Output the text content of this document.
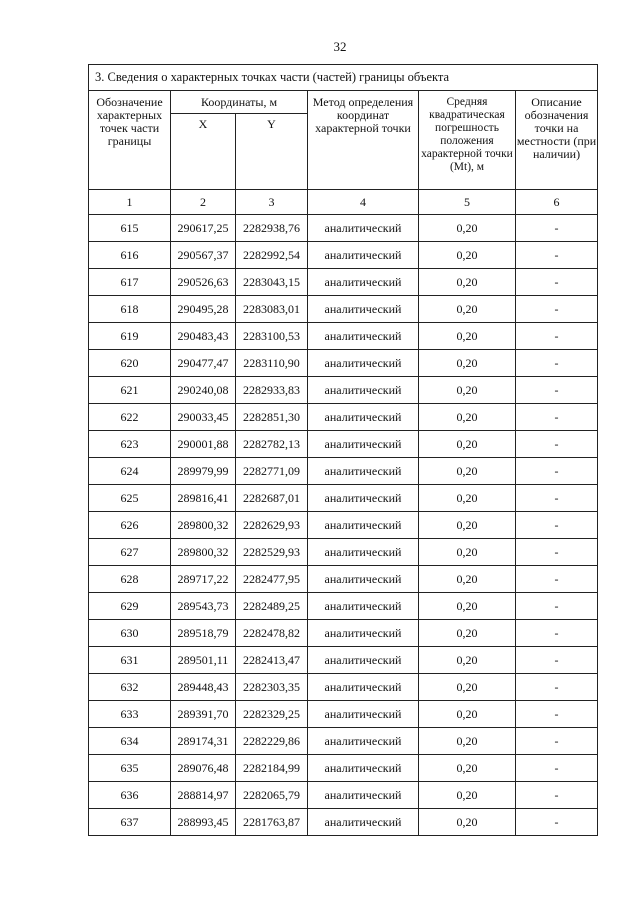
32
3. Сведения о характерных точках части (частей) границы объекта					
Обозначение характерных точек части границы	Координаты, м		Метод определения координат характерной точки	Средняя квадратическая погрешность положения характерной точки (Mt), м	Описание обозначения точки на местности (при наличии)
	X	Y			
1	2	3	4	5	6
615	290617,25	2282938,76	аналитический	0,20	-
616	290567,37	2282992,54	аналитический	0,20	-
617	290526,63	2283043,15	аналитический	0,20	-
618	290495,28	2283083,01	аналитический	0,20	-
619	290483,43	2283100,53	аналитический	0,20	-
620	290477,47	2283110,90	аналитический	0,20	-
621	290240,08	2282933,83	аналитический	0,20	-
622	290033,45	2282851,30	аналитический	0,20	-
623	290001,88	2282782,13	аналитический	0,20	-
624	289979,99	2282771,09	аналитический	0,20	-
625	289816,41	2282687,01	аналитический	0,20	-
626	289800,32	2282629,93	аналитический	0,20	-
627	289800,32	2282529,93	аналитический	0,20	-
628	289717,22	2282477,95	аналитический	0,20	-
629	289543,73	2282489,25	аналитический	0,20	-
630	289518,79	2282478,82	аналитический	0,20	-
631	289501,11	2282413,47	аналитический	0,20	-
632	289448,43	2282303,35	аналитический	0,20	-
633	289391,70	2282329,25	аналитический	0,20	-
634	289174,31	2282229,86	аналитический	0,20	-
635	289076,48	2282184,99	аналитический	0,20	-
636	288814,97	2282065,79	аналитический	0,20	-
637	288993,45	2281763,87	аналитический	0,20	-
